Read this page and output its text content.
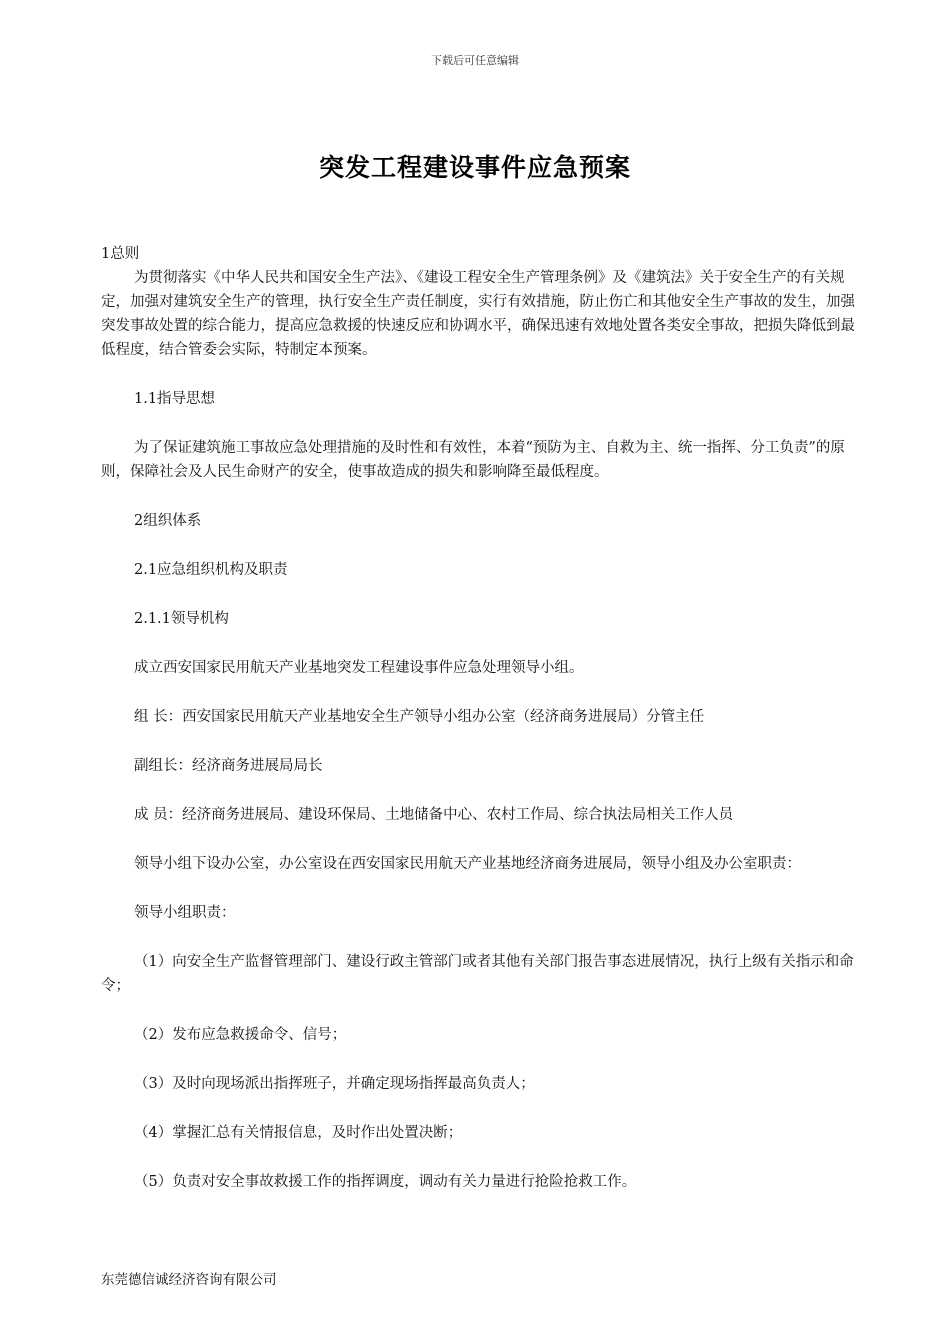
下载后可任意编辑
突发工程建设事件应急预案

1总则

为贯彻落实《中华人民共和国安全生产法》、《建设工程安全生产管理条例》及《建筑法》关于安全生产的有关规定，加强对建筑安全生产的管理，执行安全生产责任制度，实行有效措施，防止伤亡和其他安全生产事故的发生，加强突发事故处置的综合能力，提高应急救援的快速反应和协调水平，确保迅速有效地处置各类安全事故，把损失降低到最低程度，结合管委会实际，特制定本预案。

1.1指导思想

为了保证建筑施工事故应急处理措施的及时性和有效性，本着“预防为主、自救为主、统一指挥、分工负责”的原则，保障社会及人民生命财产的安全，使事故造成的损失和影响降至最低程度。

2组织体系

2.1应急组织机构及职责

2.1.1领导机构

成立西安国家民用航天产业基地突发工程建设事件应急处理领导小组。

组 长：西安国家民用航天产业基地安全生产领导小组办公室（经济商务进展局）分管主任

副组长：经济商务进展局局长

成 员：经济商务进展局、建设环保局、土地储备中心、农村工作局、综合执法局相关工作人员

领导小组下设办公室，办公室设在西安国家民用航天产业基地经济商务进展局，领导小组及办公室职责：

领导小组职责：

（1）向安全生产监督管理部门、建设行政主管部门或者其他有关部门报告事态进展情况，执行上级有关指示和命令；

（2）发布应急救援命令、信号；

（3）及时向现场派出指挥班子，并确定现场指挥最高负责人；

（4）掌握汇总有关情报信息，及时作出处置决断；

（5）负责对安全事故救援工作的指挥调度，调动有关力量进行抢险抢救工作。

东莞德信诚经济咨询有限公司
